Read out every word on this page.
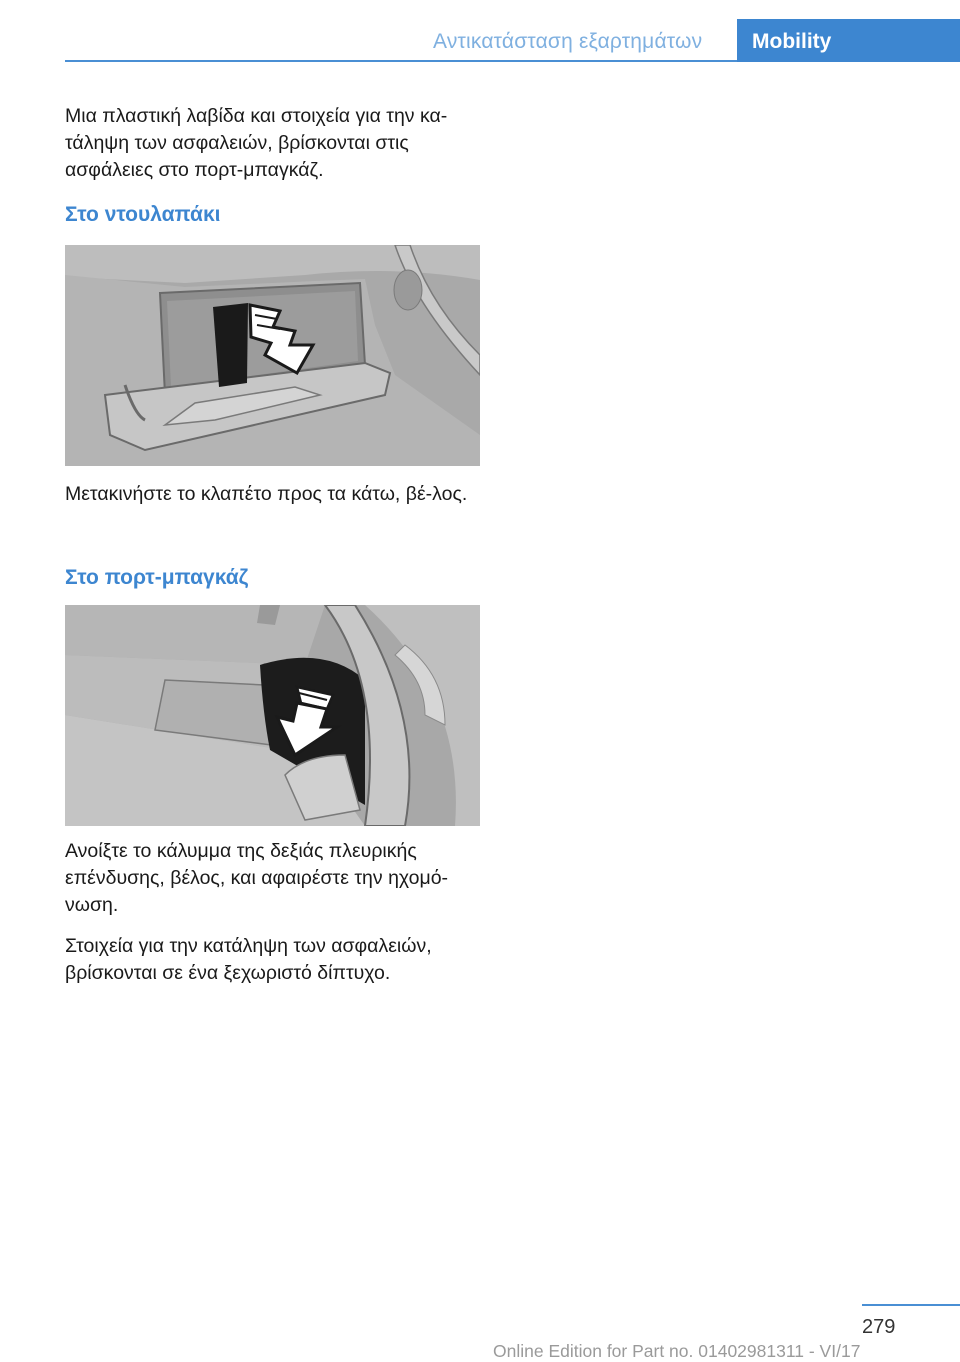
Αντικατάσταση εξαρτημάτων	Mobility
Μια πλαστική λαβίδα και στοιχεία για την κα‐τάληψη των ασφαλειών, βρίσκονται στις ασφάλειες στο πορτ-μπαγκάζ.
Στο ντουλαπάκι
Μετακινήστε το κλαπέτο προς τα κάτω, βέ‐λος.
Στο πορτ-μπαγκάζ
Ανοίξτε το κάλυμμα της δεξιάς πλευρικής επένδυσης, βέλος, και αφαιρέστε την ηχομό‐νωση.
Στοιχεία για την κατάληψη των ασφαλειών, βρίσκονται σε ένα ξεχωριστό δίπτυχο.
279
Online Edition for Part no. 01402981311 - VI/17
